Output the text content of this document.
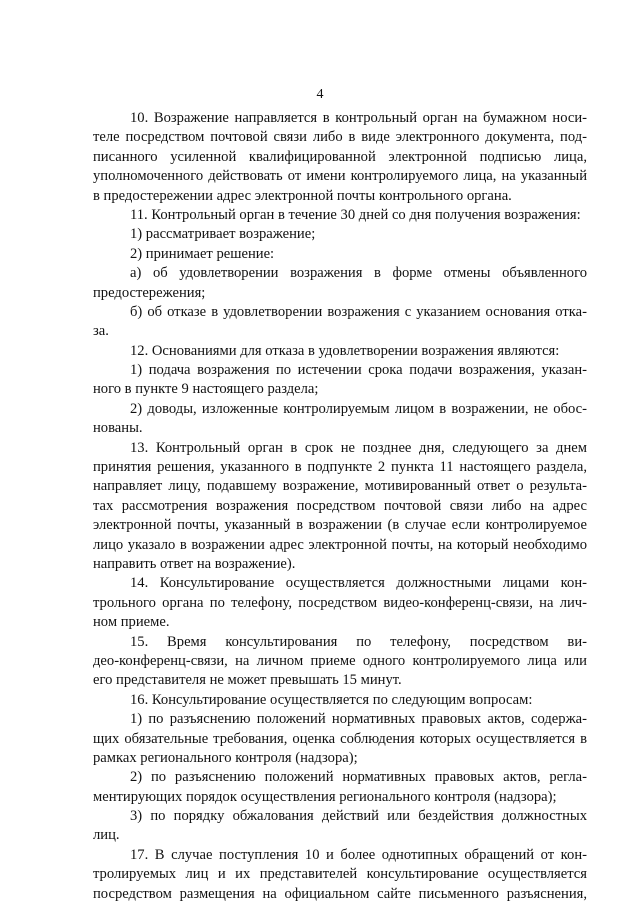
4
10. Возражение направляется в контрольный орган на бумажном носи-
теле посредством почтовой связи либо в виде электронного документа, под-
писанного усиленной квалифицированной электронной подписью лица,
уполномоченного действовать от имени контролируемого лица, на указанный
в предостережении адрес электронной почты контрольного органа.
11. Контрольный орган в течение 30 дней со дня получения возражения:
1) рассматривает возражение;
2) принимает решение:
а) об удовлетворении возражения в форме отмены объявленного
предостережения;
б) об отказе в удовлетворении возражения с указанием основания отка-
за.
12. Основаниями для отказа в удовлетворении возражения являются:
1) подача возражения по истечении срока подачи возражения, указан-
ного в пункте 9 настоящего раздела;
2) доводы, изложенные контролируемым лицом в возражении, не обос-
нованы.
13. Контрольный орган в срок не позднее дня, следующего за днем
принятия решения, указанного в подпункте 2 пункта 11 настоящего раздела,
направляет лицу, подавшему возражение, мотивированный ответ о результа-
тах рассмотрения возражения посредством почтовой связи либо на адрес
электронной почты, указанный в возражении (в случае если контролируемое
лицо указало в возражении адрес электронной почты, на который необходимо
направить ответ на возражение).
14. Консультирование осуществляется должностными лицами кон-
трольного органа по телефону, посредством видео-конференц-связи, на лич-
ном приеме.
15. Время консультирования по телефону, посредством ви-
део-конференц-связи, на личном приеме одного контролируемого лица или
его представителя не может превышать 15 минут.
16. Консультирование осуществляется по следующим вопросам:
1) по разъяснению положений нормативных правовых актов, содержа-
щих обязательные требования, оценка соблюдения которых осуществляется в
рамках регионального контроля (надзора);
2) по разъяснению положений нормативных правовых актов, регла-
ментирующих порядок осуществления регионального контроля (надзора);
3) по порядку обжалования действий или бездействия должностных
лиц.
17. В случае поступления 10 и более однотипных обращений от кон-
тролируемых лиц и их представителей консультирование осуществляется
посредством размещения на официальном сайте письменного разъяснения,
